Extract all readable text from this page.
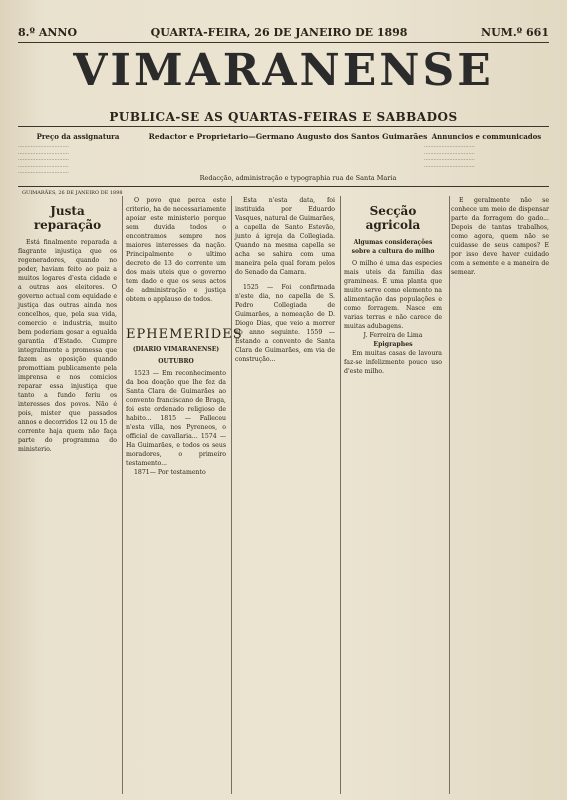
8.º ANNO	QUARTA-FEIRA, 26 DE JANEIRO DE 1898	NUM.º 661
VIMARANENSE
PUBLICA-SE AS QUARTAS-FEIRAS E SABBADOS
Preço da assignatura
................................
................................
................................
................................
................................
Redactor e Proprietario—Germano Augusto dos Santos Guimarães
Redacção, administração e typographia rua de Santa Maria
Annuncios e communicados
................................
................................
................................
................................
GUIMARÃES, 26 DE JANEIRO DE 1898
Justa reparação

Está finalmente reparada a flagrante injustiça que os regeneradores, quando no poder, haviam feito ao paiz a muitos logares d'esta cidade e a outras aos eleitores. O governo actual com equidade e justiça das outras ainda nos concelhos, que, pela sua vida, comercio e industria, muito bem poderiam gosar a egualda garantia d'Estado. Cumpre integralmente a promessa que fazem as oposição quando promottiam publicamente pela imprensa e nos comicios reparar essa injustiça que tanto a fundo feriu os interesses dos povos. Não é pois, mister que passados annos e decorridos 12 ou 15 de corrente haja quem não faça parte do programma do ministerio.

O povo que perca este criterio, ha de necessariamente apoiar este ministerio porque sem duvida todos o encontramos sempre nos maiores interesses da nação. Principalmente o ultimo decreto de 13 do corrente um dos mais uteis que o governo tem dado e que os seus actos de administração e justiça obtem o applauso de todos.

EPHEMERIDES
(DIARIO VIMARANENSE)
OUTUBRO

1523 — Em reconhecimento da boa doação que lhe fez da Santa Clara de Guimarães ao convento franciscano de Braga, foi este ordenado religioso de habito... 1815 — Falleceu n'esta villa, nos Pyreneos, o official de cavallaria... 1574 — Ha Guimarães, e todos os seus moradores, o primeiro testamento...

1871— Por testamento

Esta n'esta data, foi instituida por Eduardo Vasques, natural de Guimarães, a capella de Santo Estevão, junto á igreja da Collegiada. Quando na mesma capella se acha se sahira com uma maneira pela qual foram pelos do Senado da Camara.

1525 — Foi confirmada n'este dia, no capella de S. Pedro Collegiada de Guimarães, a nomeação de D. Diogo Dias, que veio a morrer no anno seguinte. 1559 — Estando a convento de Santa Clara de Guimarães, em via de construção...

Secção agricola
Algumas considerações sobre a cultura do milho

O milho é uma das especies mais uteis da familia das gramineas. É uma planta que muito serve como elemento na alimentação das populações e como forragem. Nasce em varias terras e não carece de muitas adubagens.

J. Ferreira de Lima

Epigraphes

Em muitas casas de lavoura faz-se infelizmente pouco uso d'este milho.

E geralmente não se conhece um meio de dispensar parte da forragem do gado... Depois de tantas trabalhos, como agora, quem não se cuidasse de seus campos? E por isso deve haver cuidado com a semente e a maneira de semear.
